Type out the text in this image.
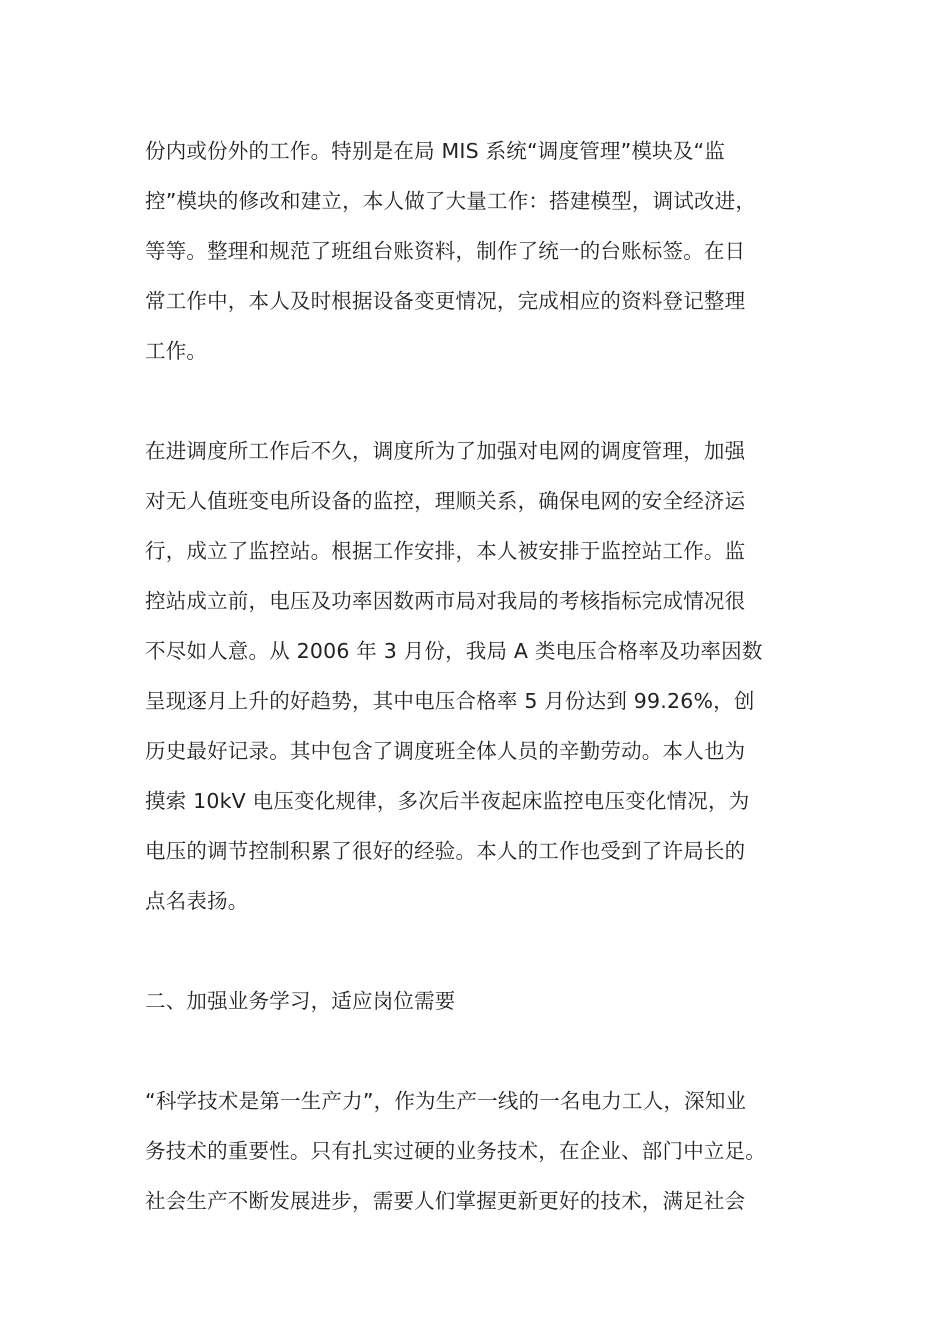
份内或份外的工作。特别是在局 MIS 系统“调度管理”模块及“监
控”模块的修改和建立，本人做了大量工作：搭建模型，调试改进，
等等。整理和规范了班组台账资料，制作了统一的台账标签。在日
常工作中，本人及时根据设备变更情况，完成相应的资料登记整理
工作。
在进调度所工作后不久，调度所为了加强对电网的调度管理，加强
对无人值班变电所设备的监控，理顺关系，确保电网的安全经济运
行，成立了监控站。根据工作安排，本人被安排于监控站工作。监
控站成立前，电压及功率因数两市局对我局的考核指标完成情况很
不尽如人意。从 2006 年 3 月份，我局 A 类电压合格率及功率因数
呈现逐月上升的好趋势，其中电压合格率 5 月份达到 99.26%，创
历史最好记录。其中包含了调度班全体人员的辛勤劳动。本人也为
摸索 10kV 电压变化规律，多次后半夜起床监控电压变化情况，为
电压的调节控制积累了很好的经验。本人的工作也受到了许局长的
点名表扬。
二、加强业务学习，适应岗位需要
“科学技术是第一生产力”，作为生产一线的一名电力工人，深知业
务技术的重要性。只有扎实过硬的业务技术，在企业、部门中立足。
社会生产不断发展进步，需要人们掌握更新更好的技术，满足社会
